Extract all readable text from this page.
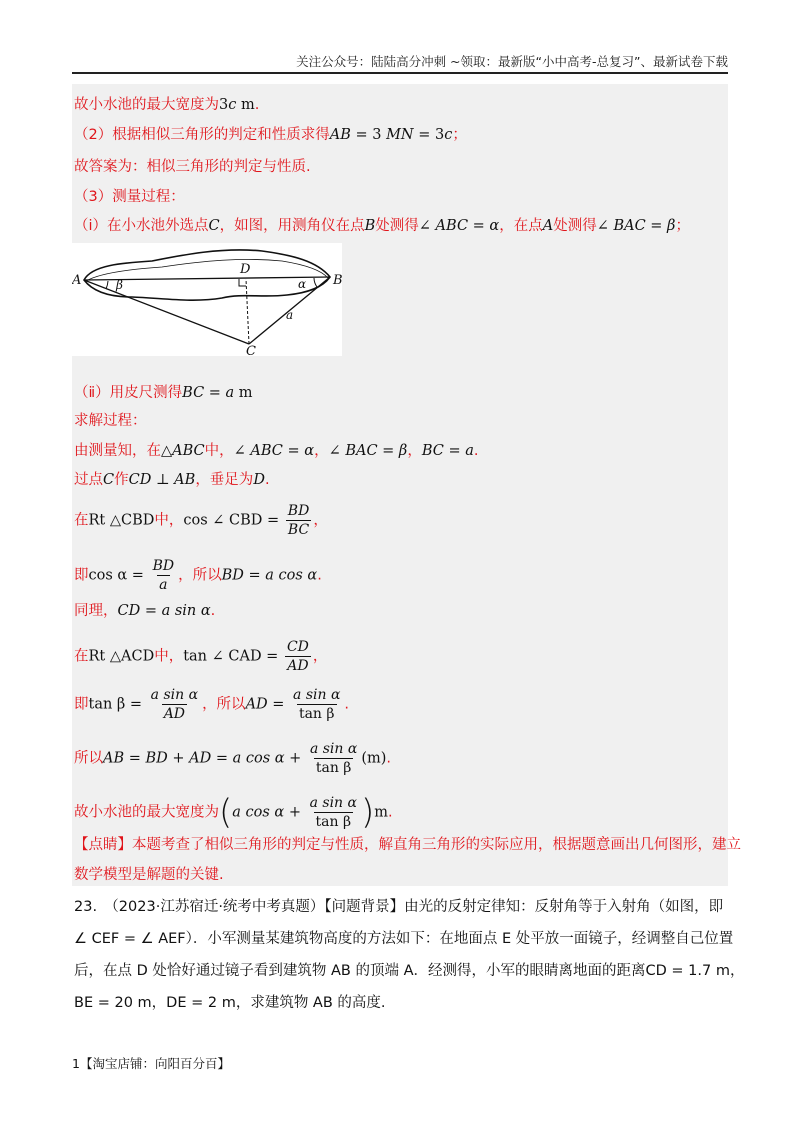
关注公众号：陆陆高分冲刺 ~领取：最新版“小中高考-总复习”、最新试卷下载
故小水池的最大宽度为3c m.
（2）根据相似三角形的判定和性质求得AB = 3 MN = 3c；
故答案为：相似三角形的判定与性质.
（3）测量过程：
（ⅰ）在小水池外选点C，如图，用测角仪在点B处测得∠ ABC = α，在点A处测得∠ BAC = β；
A	B
C
D
β	α
a
（ⅱ）用皮尺测得BC = a m
求解过程：
由测量知，在△ABC中，∠ ABC = α，∠ BAC = β，BC = a.
过点C作CD ⊥ AB，垂足为D.
在Rt △CBD中，cos ∠ CBD = $\frac{BD}{BC}$ ，
即$\cos \alpha = \frac{BD}{a}$ ，所以BD = a cos α.
同理，CD = a sin α.
在Rt △ACD中，tan ∠ CAD = $\frac{CD}{AD}$ ，
即$\tan \beta = \frac{\text{a sin α}}{AD}$ ，所以AD = $\frac{\text{a sin α}}{\text{tan β}}$ .
所以AB = BD + AD = a $\cos \alpha + \frac{\text{a sin α}}{\text{tan β}} (m)$.
故小水池的最大宽度为(a $\cos \alpha + \frac{\text{a sin α}}{\text{tan β}} )m$.
【点睛】本题考查了相似三角形的判定与性质，解直角三角形的实际应用，根据题意画出几何图形，建立
数学模型是解题的关键.
23.　（2023·江苏宿迁·统考中考真题）【问题背景】由光的反射定律知：反射角等于入射角（如图，即
∠ CEF = ∠ AEF）．小军测量某建筑物高度的方法如下：在地面点 E 处平放一面镜子，经调整自己位置
后，在点 D 处恰好通过镜子看到建筑物 AB 的顶端 A．经测得，小军的眼睛离地面的距离CD = 1.7 m，
BE = 20 m，DE = 2 m，求建筑物 AB 的高度.
1【淘宝店铺：向阳百分百】
